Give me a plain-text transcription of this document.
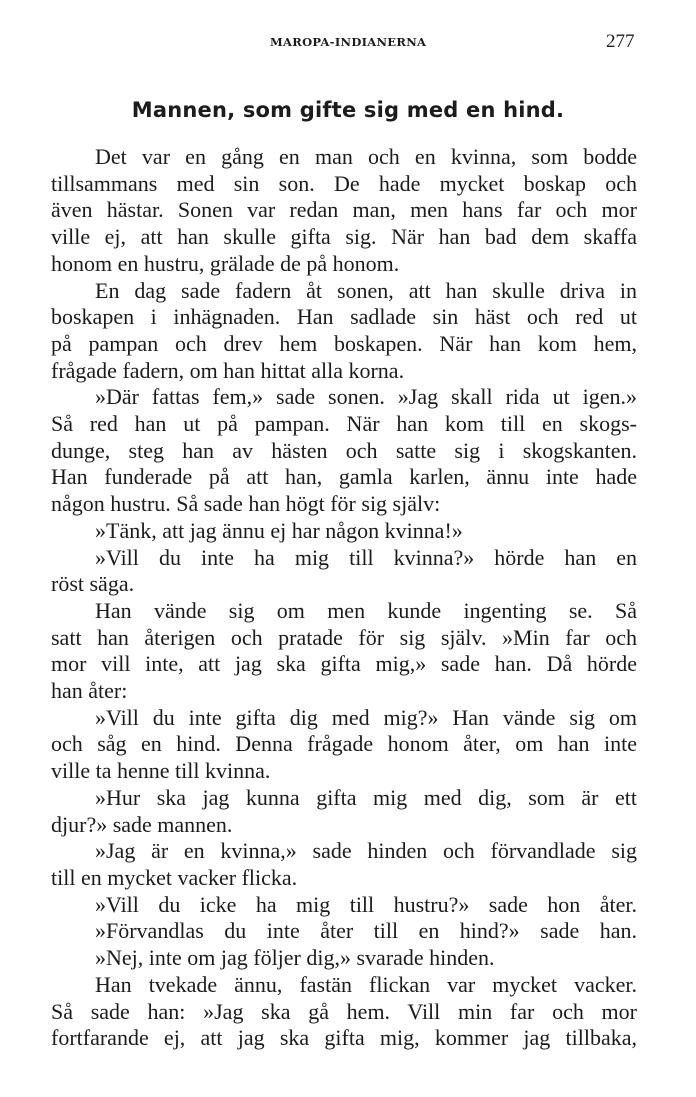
MAROPA-INDIANERNA	277
Mannen, som gifte sig med en hind.
Det var en gång en man och en kvinna, som bodde
tillsammans med sin son. De hade mycket boskap och
även hästar. Sonen var redan man, men hans far och mor
ville ej, att han skulle gifta sig. När han bad dem skaffa
honom en hustru, grälade de på honom.
En dag sade fadern åt sonen, att han skulle driva in
boskapen i inhägnaden. Han sadlade sin häst och red ut
på pampan och drev hem boskapen. När han kom hem,
frågade fadern, om han hittat alla korna.
»Där fattas fem,» sade sonen. »Jag skall rida ut igen.»
Så red han ut på pampan. När han kom till en skogs-
dunge, steg han av hästen och satte sig i skogskanten.
Han funderade på att han, gamla karlen, ännu inte hade
någon hustru. Så sade han högt för sig själv:
»Tänk, att jag ännu ej har någon kvinna!»
»Vill du inte ha mig till kvinna?» hörde han en
röst säga.
Han vände sig om men kunde ingenting se. Så
satt han återigen och pratade för sig själv. »Min far och
mor vill inte, att jag ska gifta mig,» sade han. Då hörde
han åter:
»Vill du inte gifta dig med mig?» Han vände sig om
och såg en hind. Denna frågade honom åter, om han inte
ville ta henne till kvinna.
»Hur ska jag kunna gifta mig med dig, som är ett
djur?» sade mannen.
»Jag är en kvinna,» sade hinden och förvandlade sig
till en mycket vacker flicka.
»Vill du icke ha mig till hustru?» sade hon åter.
»Förvandlas du inte åter till en hind?» sade han.
»Nej, inte om jag följer dig,» svarade hinden.
Han tvekade ännu, fastän flickan var mycket vacker.
Så sade han: »Jag ska gå hem. Vill min far och mor
fortfarande ej, att jag ska gifta mig, kommer jag tillbaka,
